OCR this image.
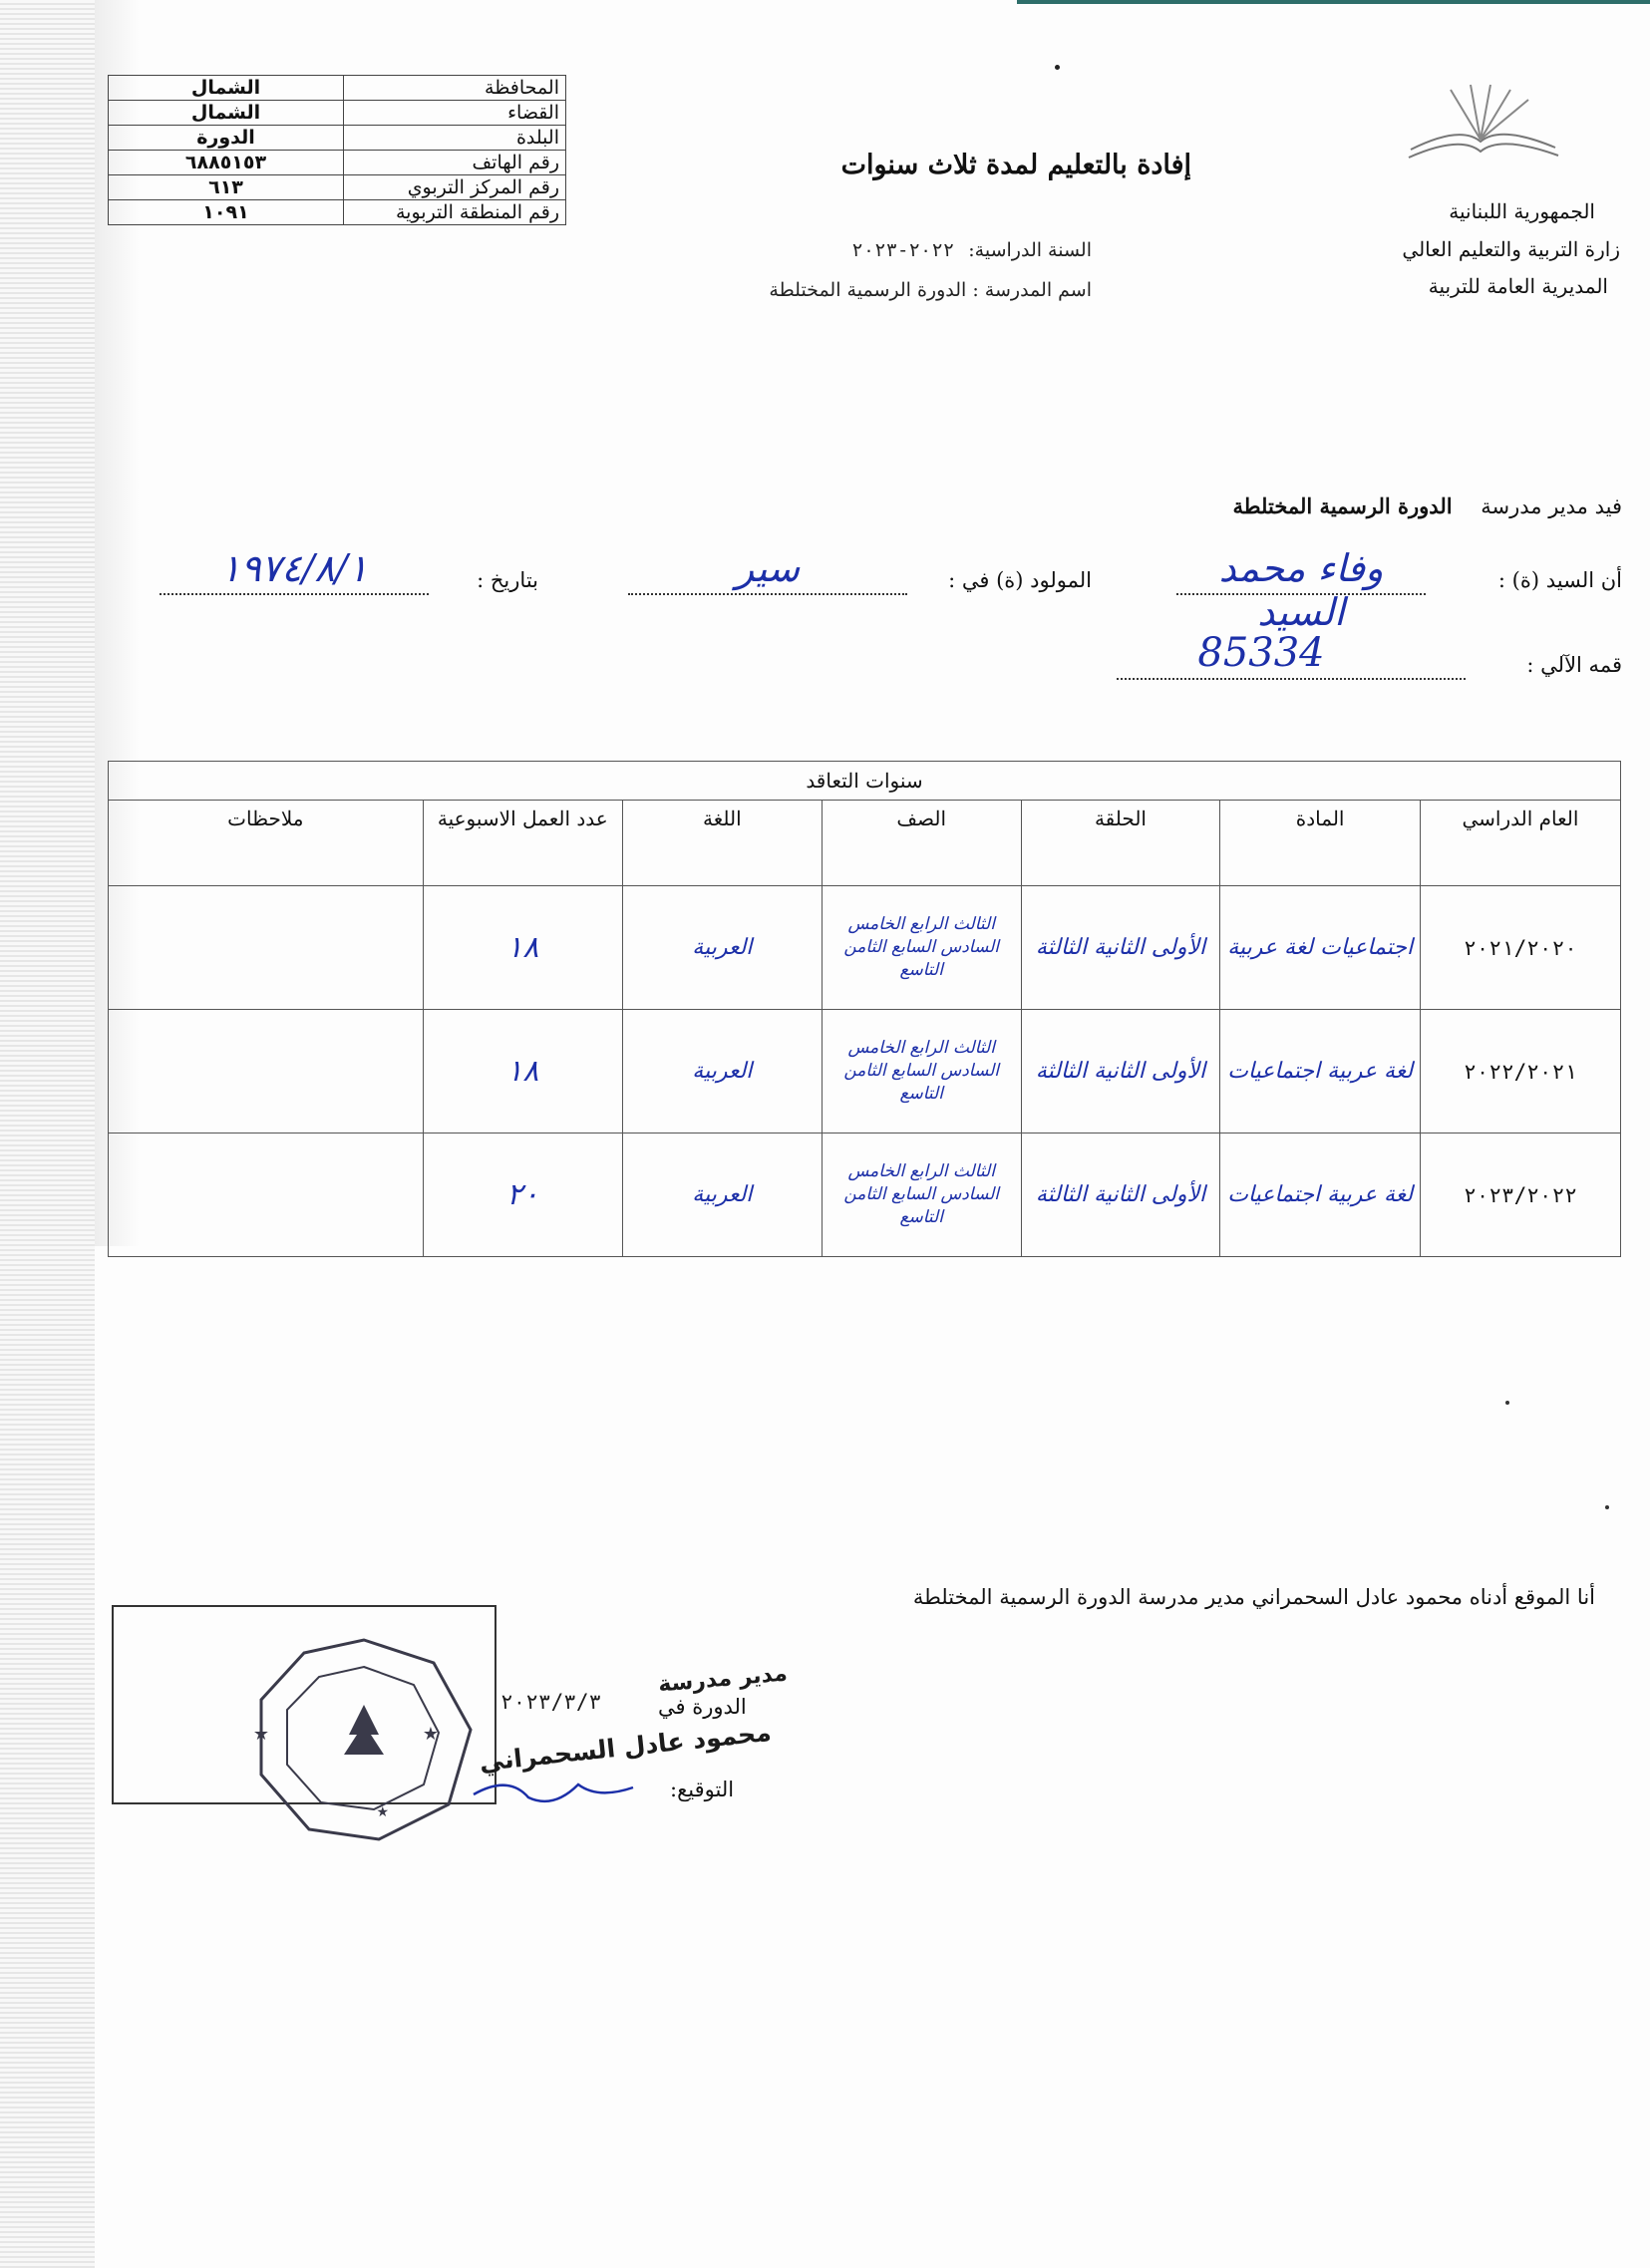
المحافظة	الشمال
القضاء	الشمال
البلدة	الدورة
رقم الهاتف	٦٨٨٥١٥٣
رقم المركز التربوي	٦١٣
رقم المنطقة التربوية	١٠٩١
إفادة بالتعليم لمدة ثلاث سنوات
الجمهورية اللبنانية
زارة التربية والتعليم العالي
المديرية العامة للتربية
السنة الدراسية: ٢٠٢٢-٢٠٢٣
اسم المدرسة : الدورة الرسمية المختلطة
فيد مدير مدرسة الدورة الرسمية المختلطة
أن السيد (ة) :
وفاء محمد السيد
المولود (ة) في :
سير
بتاريخ :
١٩٧٤/٨/١
قمه الآلي :
85334
سنوات التعاقد						
العام الدراسي	المادة	الحلقة	الصف	اللغة	عدد العمل الاسبوعية	ملاحظات
٢٠٢١/٢٠٢٠	اجتماعيات لغة عربية	الأولى الثانية الثالثة	الثالث الرابع الخامس السادس السابع الثامن التاسع	العربية	١٨	
٢٠٢٢/٢٠٢١	لغة عربية اجتماعيات	الأولى الثانية الثالثة	الثالث الرابع الخامس السادس السابع الثامن التاسع	العربية	١٨	
٢٠٢٣/٢٠٢٢	لغة عربية اجتماعيات	الأولى الثانية الثالثة	الثالث الرابع الخامس السادس السابع الثامن التاسع	العربية	٢٠	
أنا الموقع أدناه محمود عادل السحمراني مدير مدرسة الدورة الرسمية المختلطة
★	★
★
الدورة في
٢٠٢٣/٣/٣
مدير مدرسة
محمود عادل السحمراني
التوقيع:
